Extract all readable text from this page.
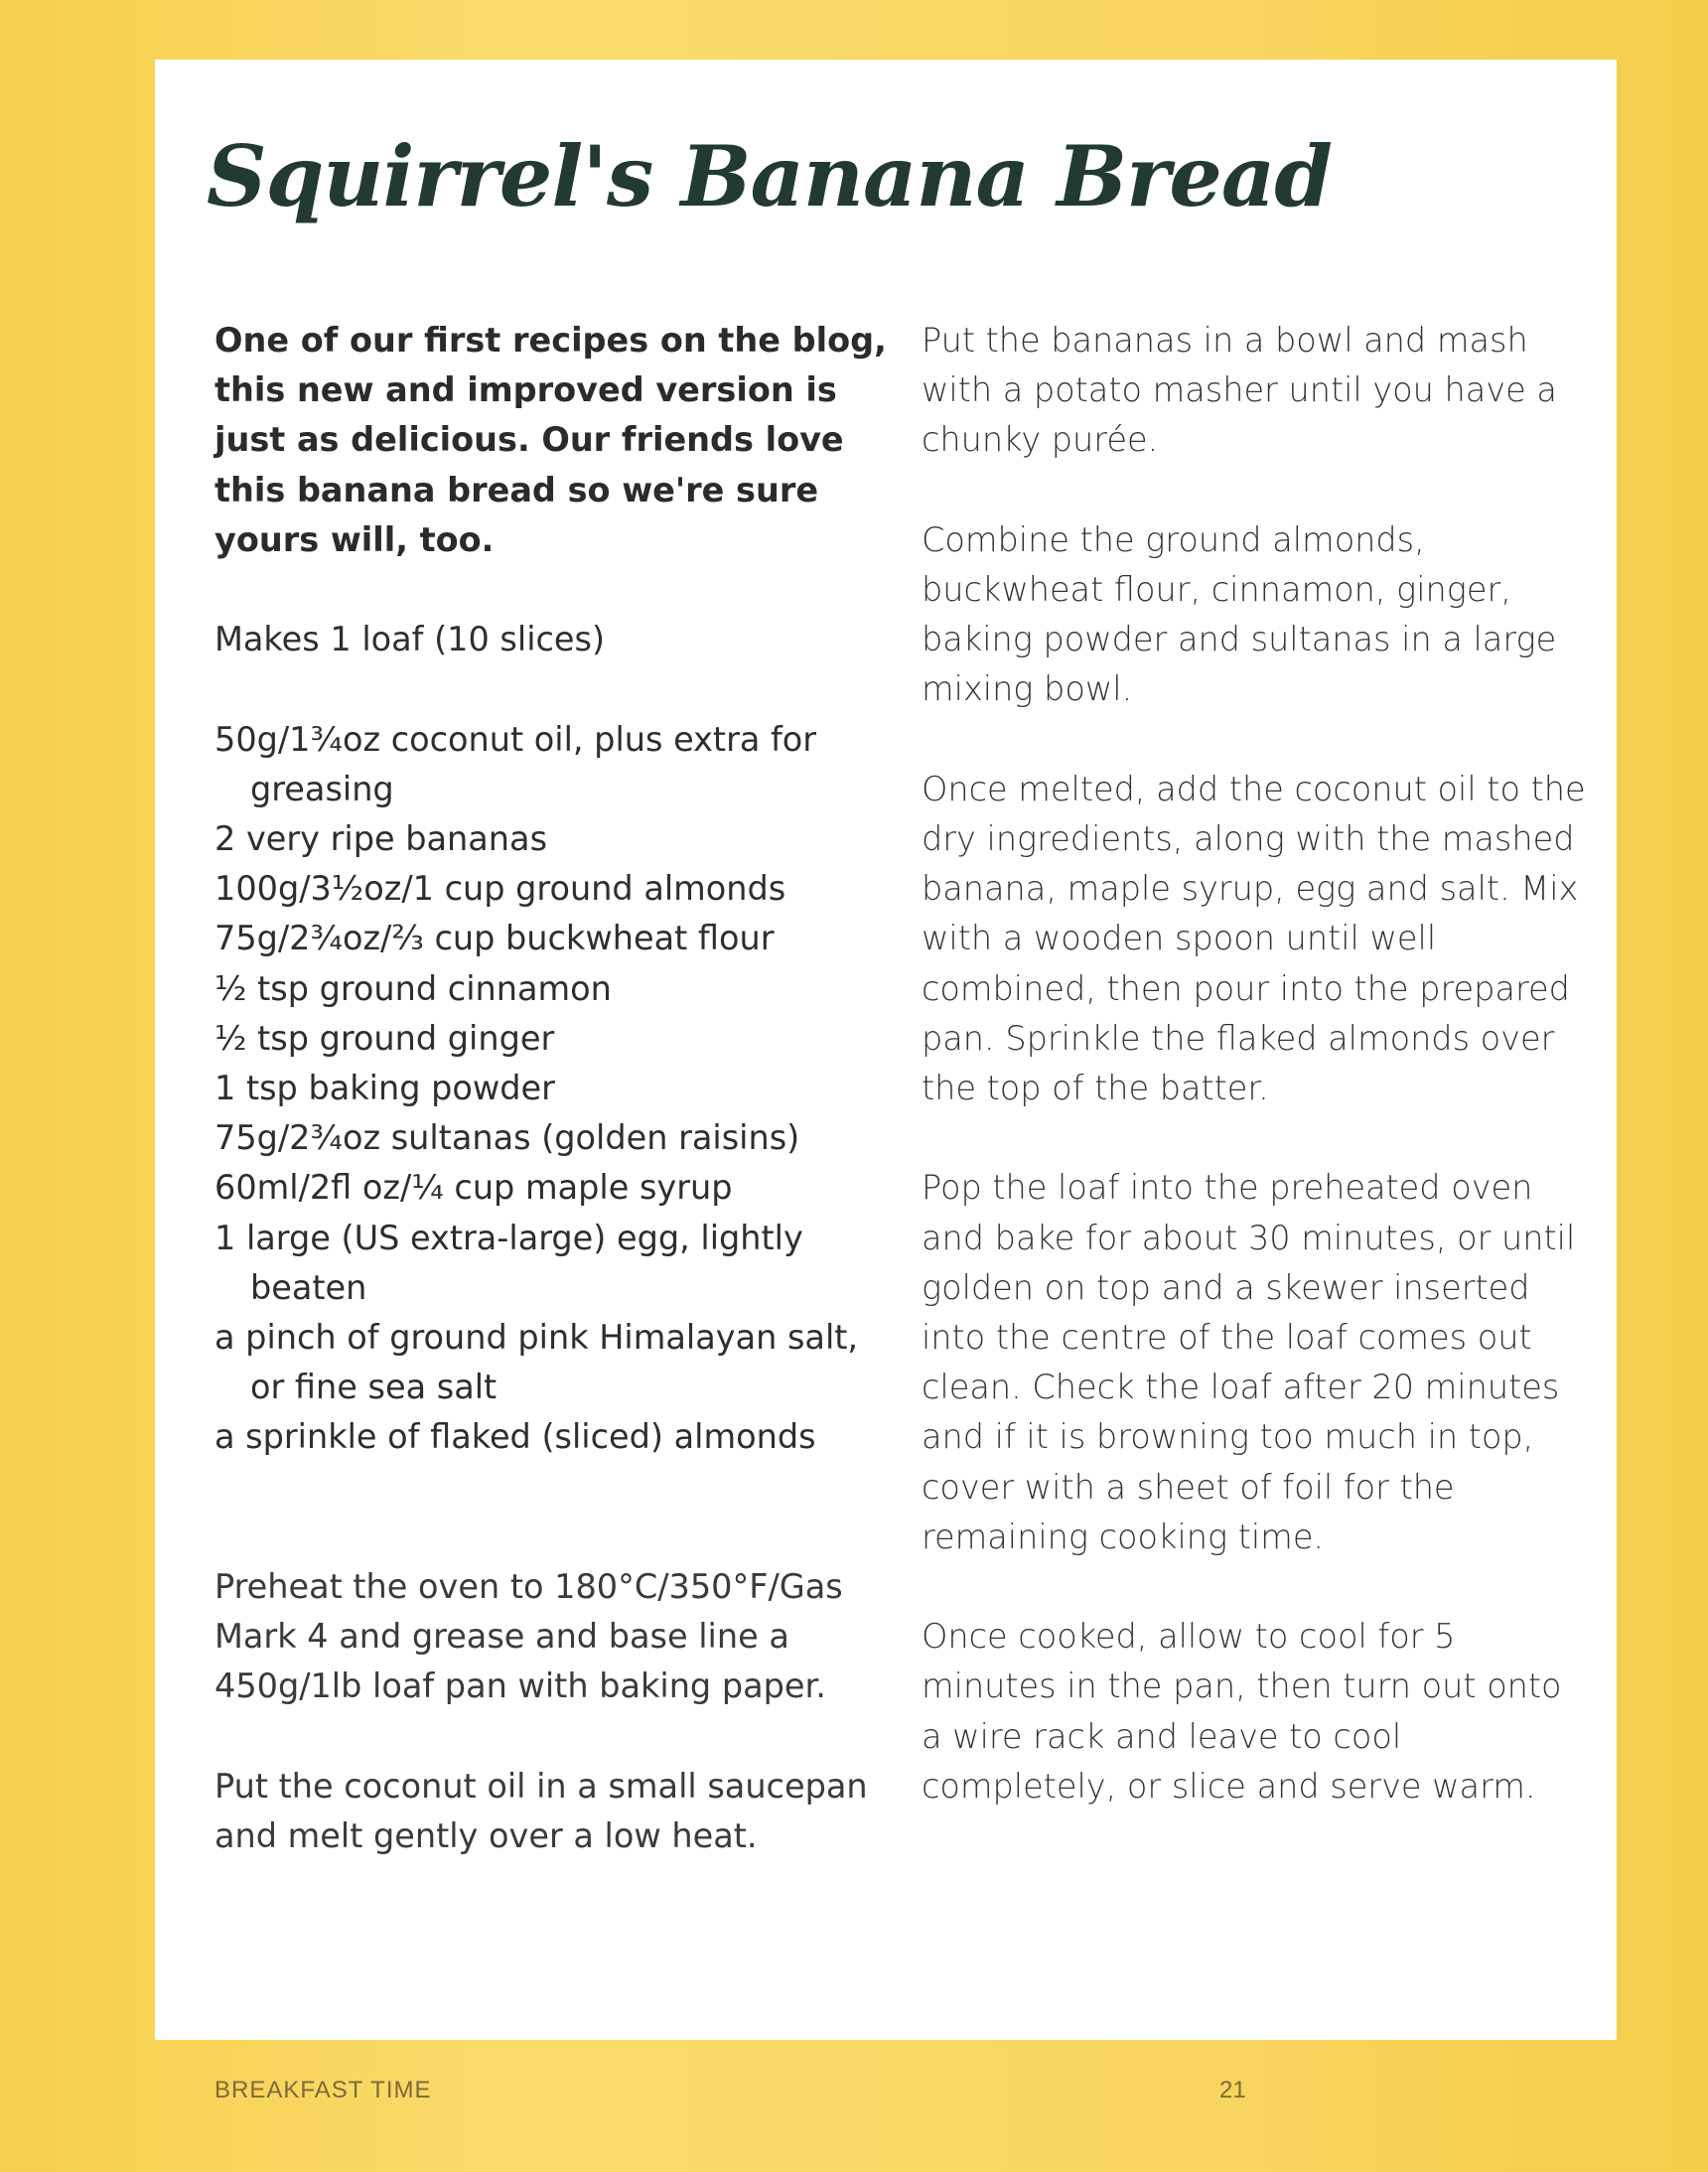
Squirrel's Banana Bread

One of our first recipes on the blog, this new and improved version is just as delicious. Our friends love this banana bread so we're sure yours will, too.

Makes 1 loaf (10 slices)

50g/1¾oz coconut oil, plus extra for greasing
2 very ripe bananas
100g/3½oz/1 cup ground almonds
75g/2¾oz/⅔ cup buckwheat flour
½ tsp ground cinnamon
½ tsp ground ginger
1 tsp baking powder
75g/2¾oz sultanas (golden raisins)
60ml/2fl oz/¼ cup maple syrup
1 large (US extra-large) egg, lightly beaten
a pinch of ground pink Himalayan salt, or fine sea salt
a sprinkle of flaked (sliced) almonds

Preheat the oven to 180°C/350°F/Gas Mark 4 and grease and base line a 450g/1lb loaf pan with baking paper.

Put the coconut oil in a small saucepan and melt gently over a low heat.

Put the bananas in a bowl and mash with a potato masher until you have a chunky purée.

Combine the ground almonds, buckwheat flour, cinnamon, ginger, baking powder and sultanas in a large mixing bowl.

Once melted, add the coconut oil to the dry ingredients, along with the mashed banana, maple syrup, egg and salt. Mix with a wooden spoon until well combined, then pour into the prepared pan. Sprinkle the flaked almonds over the top of the batter.

Pop the loaf into the preheated oven and bake for about 30 minutes, or until golden on top and a skewer inserted into the centre of the loaf comes out clean. Check the loaf after 20 minutes and if it is browning too much in top, cover with a sheet of foil for the remaining cooking time.

Once cooked, allow to cool for 5 minutes in the pan, then turn out onto a wire rack and leave to cool completely, or slice and serve warm.

BREAKFAST TIME	21
